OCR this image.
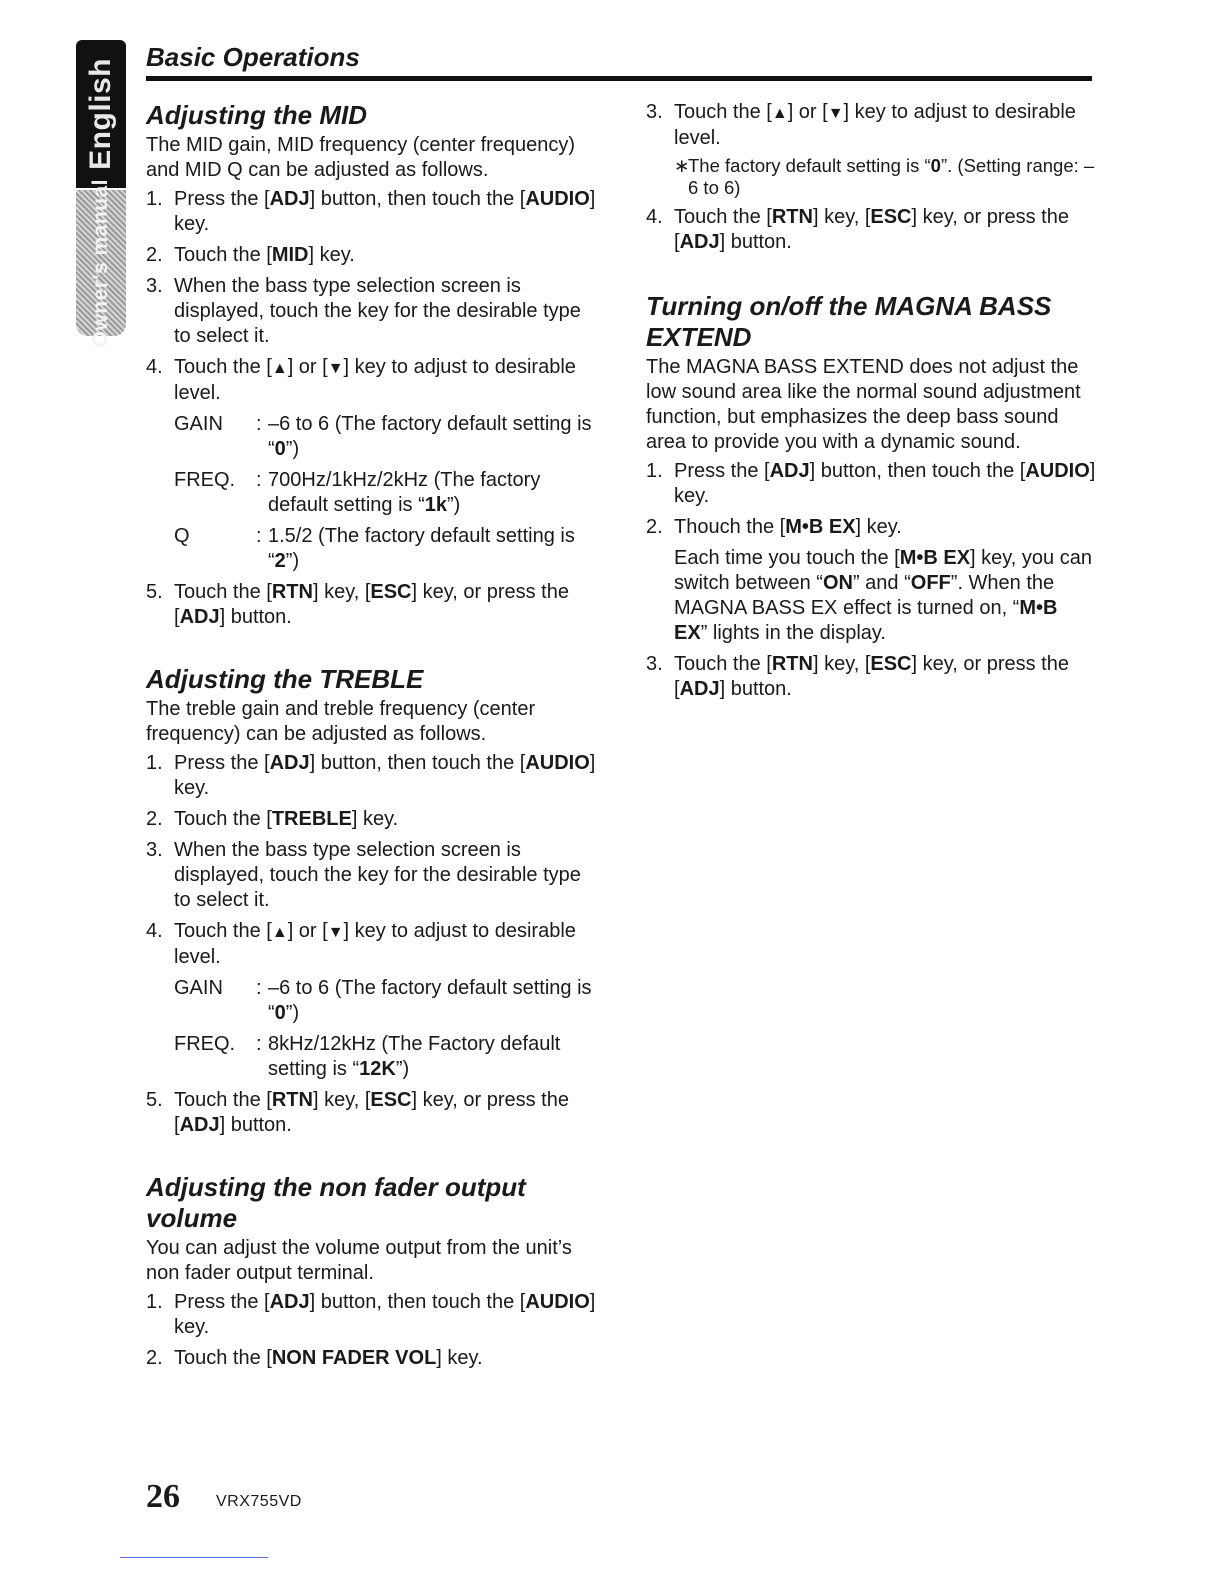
English
Owner's manual
Basic Operations
Adjusting the MID

The MID gain, MID frequency (center frequency) and MID Q can be adjusted as follows.

1. Press the [ADJ] button, then touch the [AUDIO] key.
2. Touch the [MID] key.
3. When the bass type selection screen is displayed, touch the key for the desirable type to select it.
4. Touch the [▲] or [▼] key to adjust to desirable level.
GAIN	: –6 to 6 (The factory default setting is “0”)
FREQ.	: 700Hz/1kHz/2kHz (The factory default setting is “1k”)
Q	: 1.5/2 (The factory default setting is “2”)
5. Touch the [RTN] key, [ESC] key, or press the [ADJ] button.
Adjusting the TREBLE

The treble gain and treble frequency (center frequency) can be adjusted as follows.

1. Press the [ADJ] button, then touch the [AUDIO] key.
2. Touch the [TREBLE] key.
3. When the bass type selection screen is displayed, touch the key for the desirable type to select it.
4. Touch the [▲] or [▼] key to adjust to desirable level.
GAIN	: –6 to 6 (The factory default setting is “0”)
FREQ.	: 8kHz/12kHz (The Factory default setting is “12K”)
5. Touch the [RTN] key, [ESC] key, or press the [ADJ] button.
Adjusting the non fader output volume

You can adjust the volume output from the unit’s non fader output terminal.

1. Press the [ADJ] button, then touch the [AUDIO] key.
2. Touch the [NON FADER VOL] key.
3. Touch the [▲] or [▼] key to adjust to desirable level.
∗
The factory default setting is “0”. (Setting range: –6 to 6)
4. Touch the [RTN] key, [ESC] key, or press the [ADJ] button.
Turning on/off the MAGNA BASS EXTEND

The MAGNA BASS EXTEND does not adjust the low sound area like the normal sound adjustment function, but emphasizes the deep bass sound area to provide you with a dynamic sound.

1. Press the [ADJ] button, then touch the [AUDIO] key.
2. Thouch the [M•B EX] key.
Each time you touch the [M•B EX] key, you can switch between “ON” and “OFF”. When the MAGNA BASS EX effect is turned on, “M•B EX” lights in the display.
3. Touch the [RTN] key, [ESC] key, or press the [ADJ] button.
26 VRX755VD
